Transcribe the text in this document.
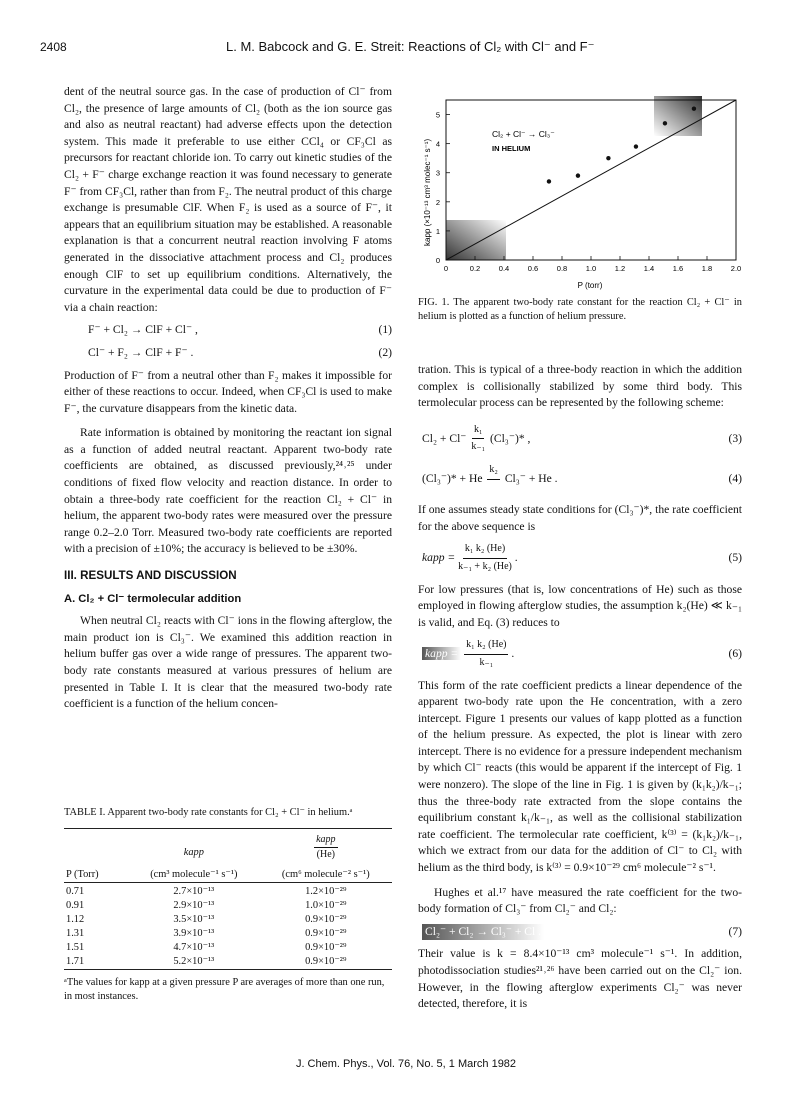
2408	L. M. Babcock and G. E. Streit: Reactions of Cl₂ with Cl⁻ and F⁻

dent of the neutral source gas. In the case of production of Cl⁻ from Cl₂, the presence of large amounts of Cl₂ (both as the ion source gas and also as neutral reactant) had adverse effects upon the detection system. This made it preferable to use either CCl₄ or CF₃Cl as precursors for reactant chloride ion. To carry out kinetic studies of the Cl₂ + F⁻ charge exchange reaction it was found necessary to generate F⁻ from CF₃Cl, rather than from F₂. The neutral product of this charge exchange is presumable ClF. When F₂ is used as a source of F⁻, it appears that an equilibrium situation may be established. A reasonable explanation is that a concurrent neutral reaction involving F atoms generated in the dissociative attachment process and Cl₂ produces enough ClF to set up equilibrium conditions. Alternatively, the curvature in the experimental data could be due to production of F⁻ via a chain reaction:

F⁻ + Cl₂ → ClF + Cl⁻ ,	(1)
Cl⁻ + F₂ → ClF + F⁻ .	(2)

Production of F⁻ from a neutral other than F₂ makes it impossible for either of these reactions to occur. Indeed, when CF₃Cl is used to make F⁻, the curvature disappears from the kinetic data.

Rate information is obtained by monitoring the reactant ion signal as a function of added neutral reactant. Apparent two-body rate coefficients are obtained, as discussed previously,²⁴˒²⁵ under conditions of fixed flow velocity and reaction distance. In order to obtain a three-body rate coefficient for the reaction Cl₂ + Cl⁻ in helium, the apparent two-body rates were measured over the pressure range 0.2–2.0 Torr. Measured two-body rate coefficients are reported with a precision of ±10%; the accuracy is believed to be ±30%.

III. RESULTS AND DISCUSSION
A. Cl₂ + Cl⁻ termolecular addition

When neutral Cl₂ reacts with Cl⁻ ions in the flowing afterglow, the main product ion is Cl₃⁻. We examined this addition reaction in helium buffer gas over a wide range of pressures. The apparent two-body rate constants measured at various pressures of helium are presented in Table I. It is clear that the measured two-body rate coefficient is a function of the helium concen-

TABLE I. Apparent two-body rate constants for Cl₂ + Cl⁻ in helium.ᵃ
	kapp	$\frac{\text{kapp}}{(He)}$

P (Torr)	(cm³ molecule⁻¹ s⁻¹)	(cm⁶ molecule⁻² s⁻¹)

0.71	2.7×10⁻¹³	1.2×10⁻²⁹
0.91	2.9×10⁻¹³	1.0×10⁻²⁹
1.12	3.5×10⁻¹³	0.9×10⁻²⁹
1.31	3.9×10⁻¹³	0.9×10⁻²⁹
1.51	4.7×10⁻¹³	0.9×10⁻²⁹
1.71	5.2×10⁻¹³	0.9×10⁻²⁹

ᵃThe values for kapp at a given pressure P are averages of more than one run, in most instances.
0	0.2 0.4 0.6 0.8 1.0 1.2 1.4 1.6 1.8 2.0
0
1
2
3
4
5
Cl₂ + Cl⁻ → Cl₃⁻
IN HELIUM
kapp (×10⁻¹³ cm³ molec⁻¹ s⁻¹)
P (torr)
FIG. 1. The apparent two-body rate constant for the reaction Cl₂ + Cl⁻ in helium is plotted as a function of helium pressure.

tration. This is typical of a three-body reaction in which the addition complex is collisionally stabilized by some third body. This termolecular process can be represented by the following scheme:

$Cl_2 + Cl^- \frac{\text{k₁}}{\text{k₋₁}} (Cl_3^-)*$ ,	(3)
(Cl₃⁻)* + He
k₂

Cl₃⁻ + He .	(4)

If one assumes steady state conditions for (Cl₃⁻)*, the rate coefficient for the above sequence is

kapp = $\frac{\text{k₁ k₂ (He)}}{\text{k₋₁ + k₂ (He)}}$ .	(5)

For low pressures (that is, low concentrations of He) such as those employed in flowing afterglow studies, the assumption k₂(He) ≪ k₋₁ is valid, and Eq. (3) reduces to

kapp = $\frac{\text{k₁ k₂ (He)}}{\text{k₋₁}}$ .	(6)

This form of the rate coefficient predicts a linear dependence of the apparent two-body rate upon the He concentration, with a zero intercept. Figure 1 presents our values of kapp plotted as a function of the helium pressure. As expected, the plot is linear with zero intercept. There is no evidence for a pressure independent mechanism by which Cl⁻ reacts (this would be apparent if the intercept of Fig. 1 were nonzero). The slope of the line in Fig. 1 is given by (k₁k₂)/k₋₁; thus the three-body rate extracted from the slope contains the equilibrium constant k₁/k₋₁, as well as the collisional stabilization rate coefficient. The termolecular rate coefficient, k⁽³⁾ = (k₁k₂)/k₋₁, which we extract from our data for the addition of Cl⁻ to Cl₂ with helium as the third body, is k⁽³⁾ = 0.9×10⁻²⁹ cm⁶ molecule⁻² s⁻¹.

Hughes et al.¹⁷ have measured the rate coefficient for the two-body formation of Cl₃⁻ from Cl₂⁻ and Cl₂:

Cl₂⁻ + Cl₂ → Cl₃⁻ + Cl .	(7)

Their value is k = 8.4×10⁻¹³ cm³ molecule⁻¹ s⁻¹. In addition, photodissociation studies²¹˒²⁶ have been carried out on the Cl₂⁻ ion. However, in the flowing afterglow experiments Cl₂⁻ was never detected, therefore, it is

J. Chem. Phys., Vol. 76, No. 5, 1 March 1982
